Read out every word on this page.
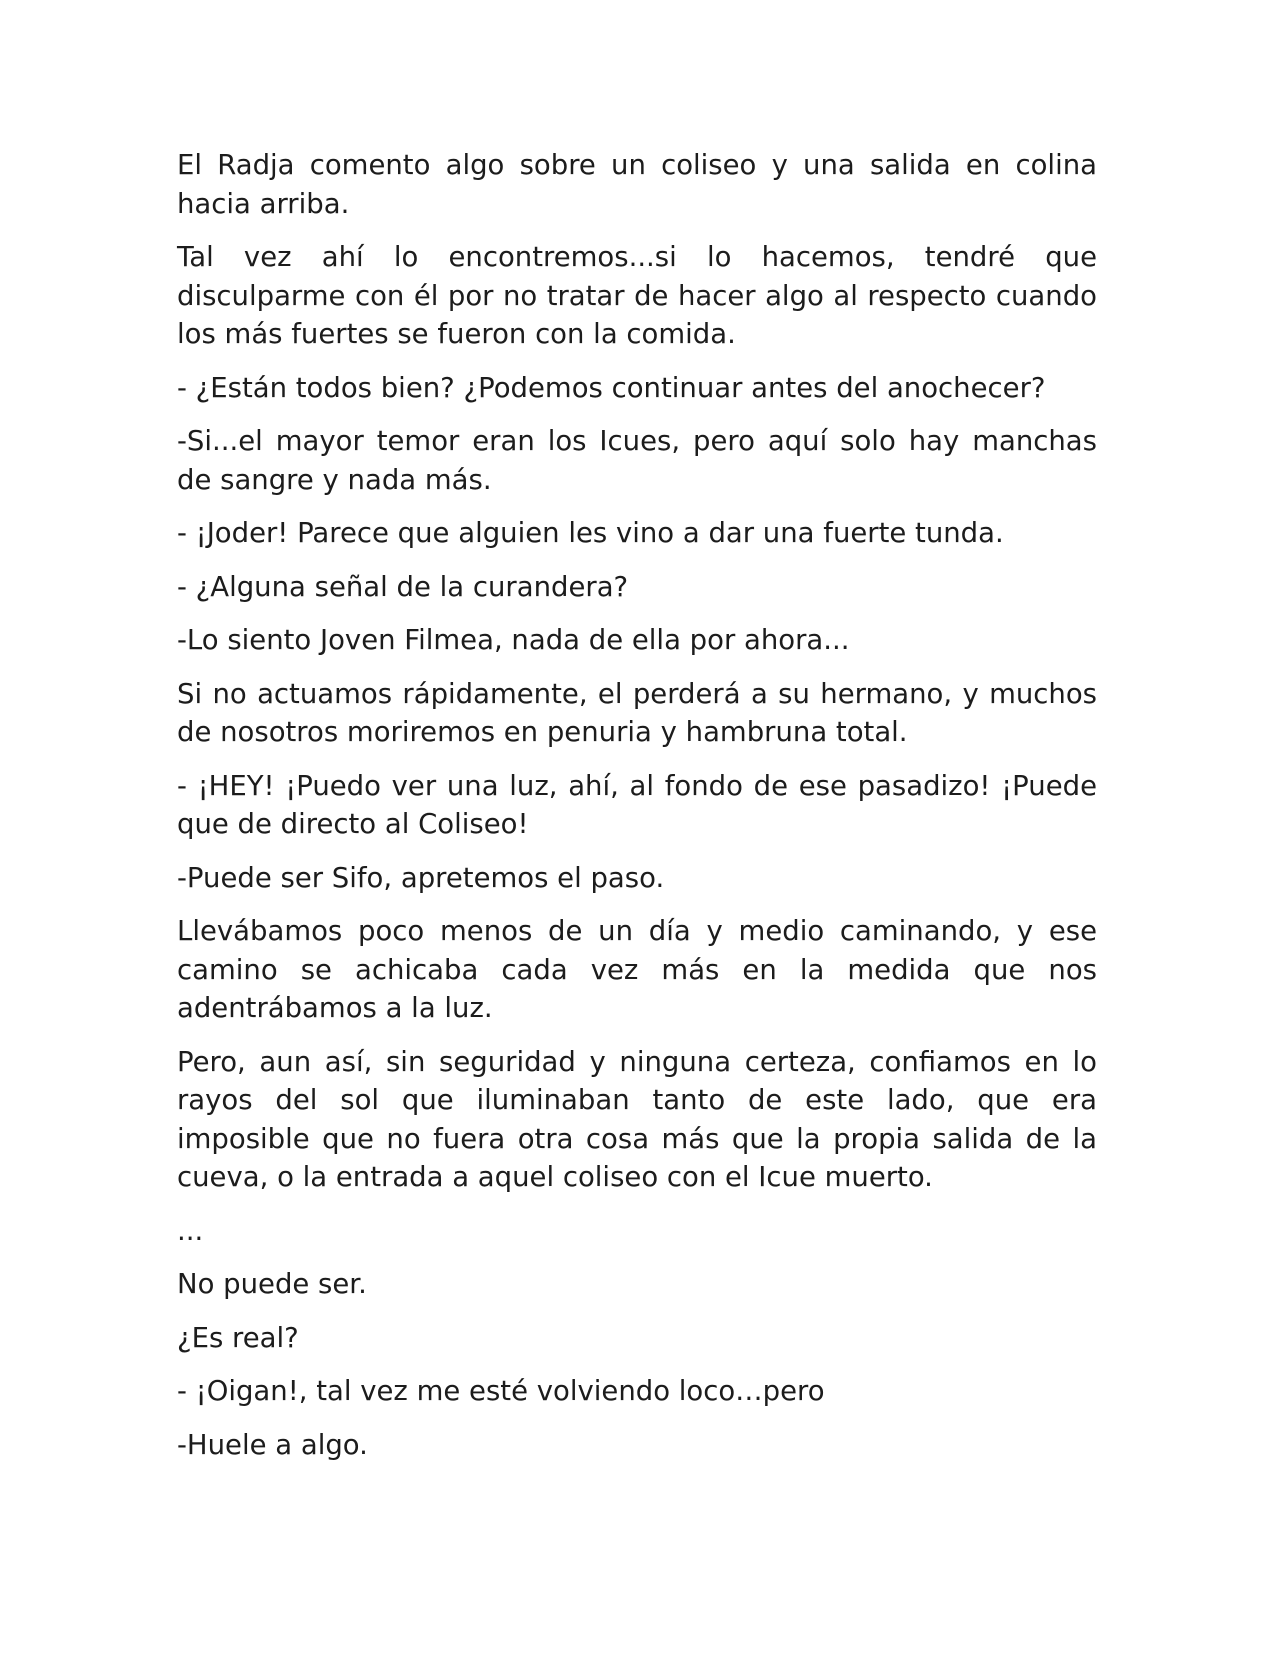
El Radja comento algo sobre un coliseo y una salida en colina hacia arriba.

Tal vez ahí lo encontremos...si lo hacemos, tendré que disculparme con él por no tratar de hacer algo al respecto cuando los más fuertes se fueron con la comida.

- ¿Están todos bien? ¿Podemos continuar antes del anochecer?

-Si...el mayor temor eran los Icues, pero aquí solo hay manchas de sangre y nada más.

- ¡Joder! Parece que alguien les vino a dar una fuerte tunda.

- ¿Alguna señal de la curandera?

-Lo siento Joven Filmea, nada de ella por ahora...

Si no actuamos rápidamente, el perderá a su hermano, y muchos de nosotros moriremos en penuria y hambruna total.

- ¡HEY! ¡Puedo ver una luz, ahí, al fondo de ese pasadizo! ¡Puede que de directo al Coliseo!

-Puede ser Sifo, apretemos el paso.

Llevábamos poco menos de un día y medio caminando, y ese camino se achicaba cada vez más en la medida que nos adentrábamos a la luz.

Pero, aun así, sin seguridad y ninguna certeza, confiamos en lo rayos del sol que iluminaban tanto de este lado, que era imposible que no fuera otra cosa más que la propia salida de la cueva, o la entrada a aquel coliseo con el Icue muerto.

...

No puede ser.

¿Es real?

- ¡Oigan!, tal vez me esté volviendo loco…pero

-Huele a algo.
